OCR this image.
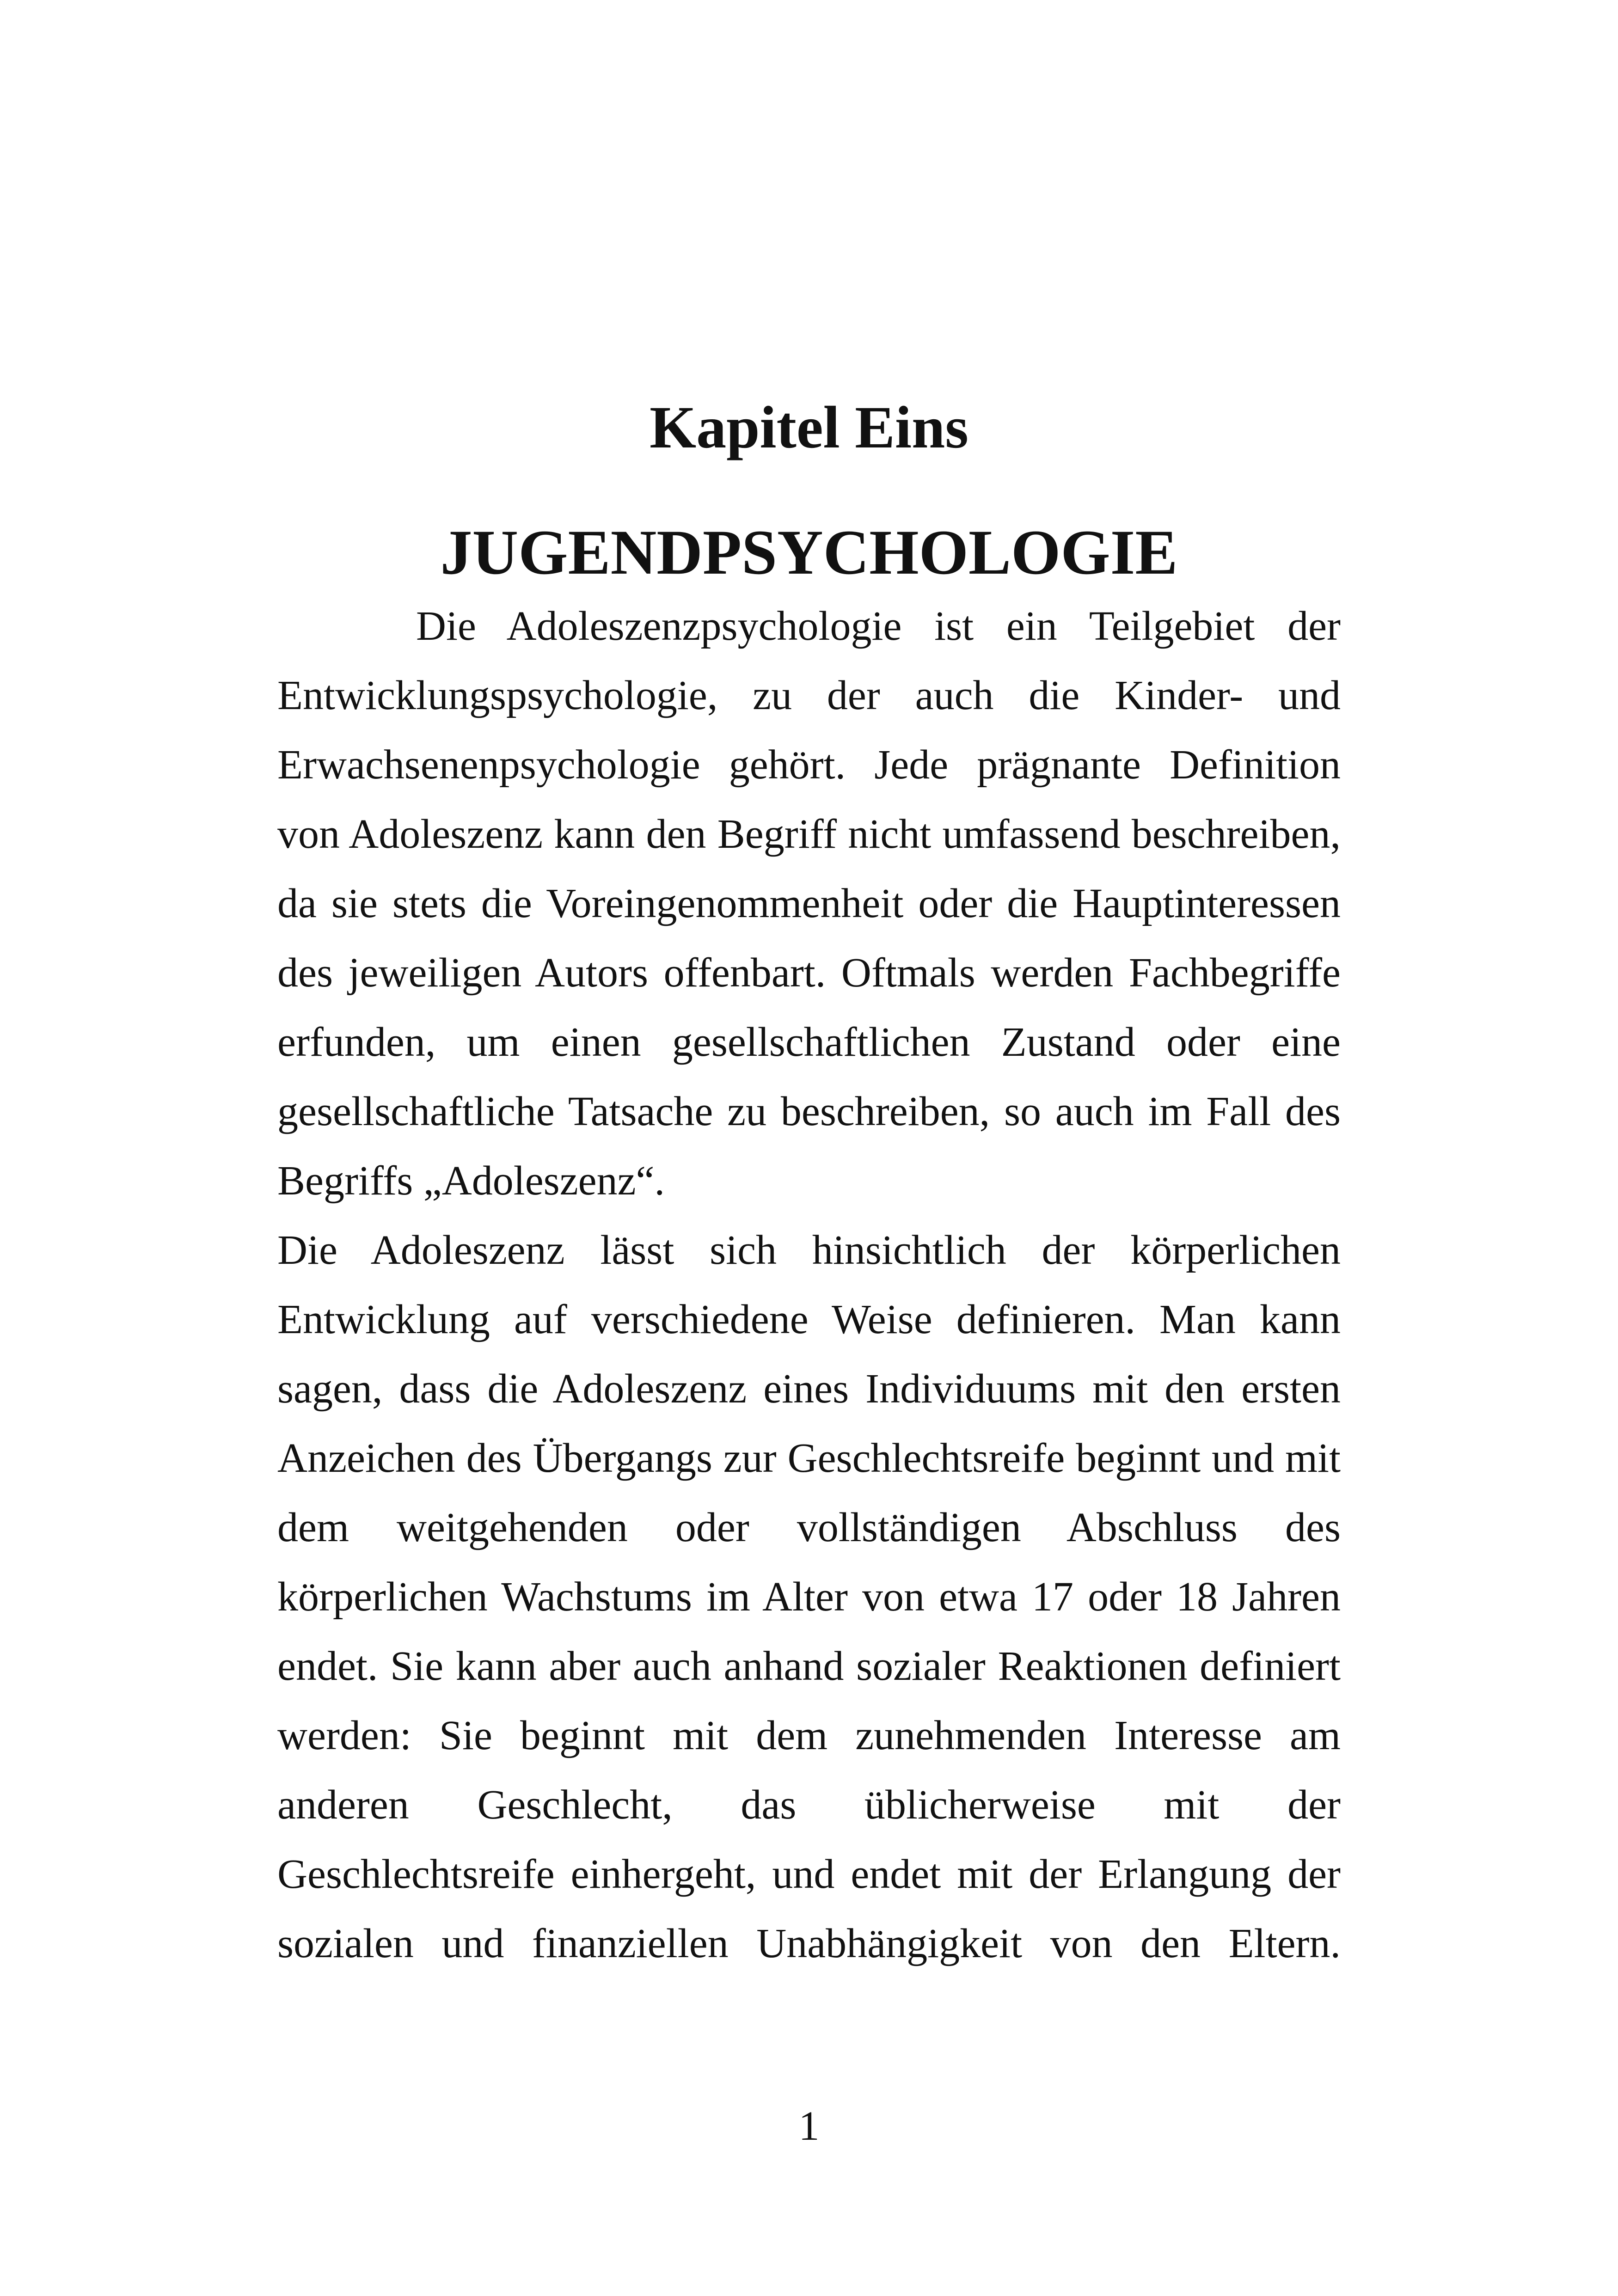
Kapitel Eins
JUGENDPSYCHOLOGIE
Die Adoleszenzpsychologie ist ein Teilgebiet der
Entwicklungspsychologie, zu der auch die Kinder- und
Erwachsenenpsychologie gehört. Jede prägnante Definition
von Adoleszenz kann den Begriff nicht umfassend beschreiben,
da sie stets die Voreingenommenheit oder die Hauptinteressen
des jeweiligen Autors offenbart. Oftmals werden Fachbegriffe
erfunden, um einen gesellschaftlichen Zustand oder eine
gesellschaftliche Tatsache zu beschreiben, so auch im Fall des
Begriffs „Adoleszenz“.
Die Adoleszenz lässt sich hinsichtlich der körperlichen
Entwicklung auf verschiedene Weise definieren. Man kann
sagen, dass die Adoleszenz eines Individuums mit den ersten
Anzeichen des Übergangs zur Geschlechtsreife beginnt und mit
dem weitgehenden oder vollständigen Abschluss des
körperlichen Wachstums im Alter von etwa 17 oder 18 Jahren
endet. Sie kann aber auch anhand sozialer Reaktionen definiert
werden: Sie beginnt mit dem zunehmenden Interesse am
anderen Geschlecht, das üblicherweise mit der
Geschlechtsreife einhergeht, und endet mit der Erlangung der
sozialen und finanziellen Unabhängigkeit von den Eltern.
1
